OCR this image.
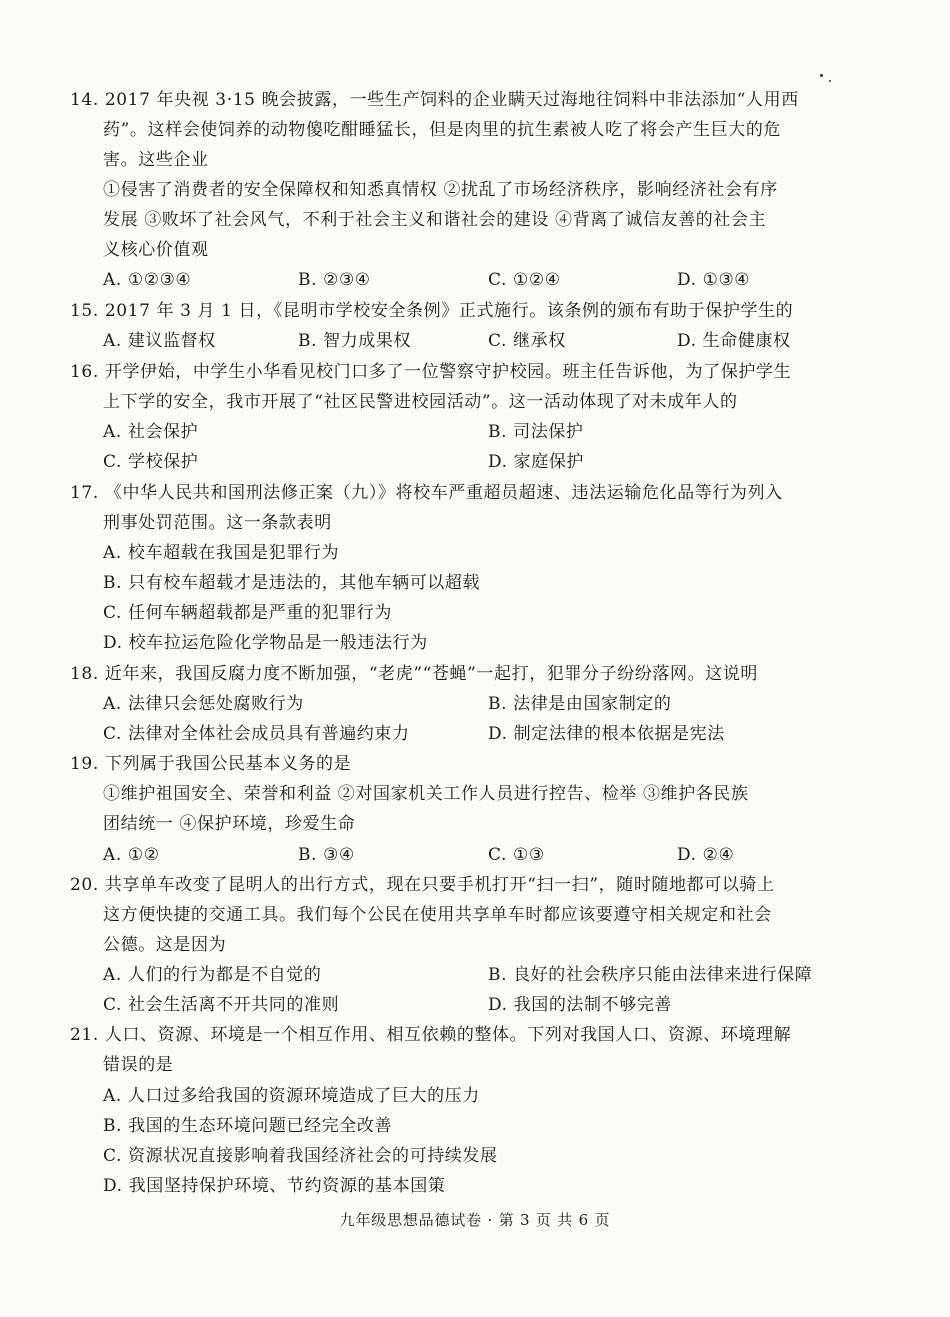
14. 2017 年央视 3·15 晚会披露，一些生产饲料的企业瞒天过海地往饲料中非法添加“人用西
药”。这样会使饲养的动物傻吃酣睡猛长，但是肉里的抗生素被人吃了将会产生巨大的危
害。这些企业
①侵害了消费者的安全保障权和知悉真情权 ②扰乱了市场经济秩序，影响经济社会有序
发展 ③败坏了社会风气，不利于社会主义和谐社会的建设 ④背离了诚信友善的社会主
义核心价值观
A. ①②③④	B. ②③④	C. ①②④	D. ①③④
15. 2017 年 3 月 1 日，《昆明市学校安全条例》正式施行。该条例的颁布有助于保护学生的
A. 建议监督权	B. 智力成果权	C. 继承权	D. 生命健康权
16. 开学伊始，中学生小华看见校门口多了一位警察守护校园。班主任告诉他，为了保护学生
上下学的安全，我市开展了“社区民警进校园活动”。这一活动体现了对未成年人的
A. 社会保护	B. 司法保护
C. 学校保护	D. 家庭保护
17. 《中华人民共和国刑法修正案（九）》将校车严重超员超速、违法运输危化品等行为列入
刑事处罚范围。这一条款表明
A. 校车超载在我国是犯罪行为
B. 只有校车超载才是违法的，其他车辆可以超载
C. 任何车辆超载都是严重的犯罪行为
D. 校车拉运危险化学物品是一般违法行为
18. 近年来，我国反腐力度不断加强，“老虎”“苍蝇”一起打，犯罪分子纷纷落网。这说明
A. 法律只会惩处腐败行为	B. 法律是由国家制定的
C. 法律对全体社会成员具有普遍约束力	D. 制定法律的根本依据是宪法
19. 下列属于我国公民基本义务的是
①维护祖国安全、荣誉和利益 ②对国家机关工作人员进行控告、检举 ③维护各民族
团结统一 ④保护环境，珍爱生命
A. ①②	B. ③④	C. ①③	D. ②④
20. 共享单车改变了昆明人的出行方式，现在只要手机打开“扫一扫”，随时随地都可以骑上
这方便快捷的交通工具。我们每个公民在使用共享单车时都应该要遵守相关规定和社会
公德。这是因为
A. 人们的行为都是不自觉的	B. 良好的社会秩序只能由法律来进行保障
C. 社会生活离不开共同的准则	D. 我国的法制不够完善
21. 人口、资源、环境是一个相互作用、相互依赖的整体。下列对我国人口、资源、环境理解
错误的是
A. 人口过多给我国的资源环境造成了巨大的压力
B. 我国的生态环境问题已经完全改善
C. 资源状况直接影响着我国经济社会的可持续发展
D. 我国坚持保护环境、节约资源的基本国策
九年级思想品德试卷 · 第 3 页 共 6 页
